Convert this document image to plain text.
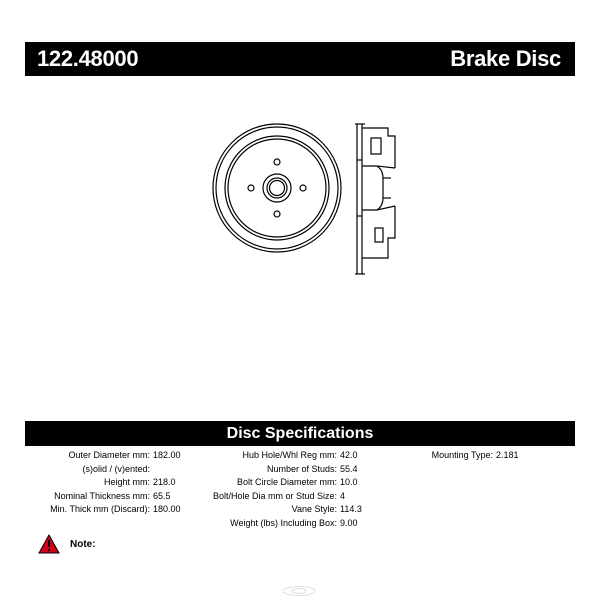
122.48000	Brake Disc
Disc Specifications
Outer Diameter mm: 182.00
(s)olid / (v)ented:
Height mm: 218.0
Nominal Thickness mm: 65.5
Min. Thick mm (Discard): 180.00
Hub Hole/Whl Reg mm: 42.0
Number of Studs: 55.4
Bolt Circle Diameter mm: 10.0
Bolt/Hole Dia mm or Stud Size: 4
Vane Style: 114.3
Weight (lbs) Including Box: 9.00
Mounting Type: 2.181
Note:
